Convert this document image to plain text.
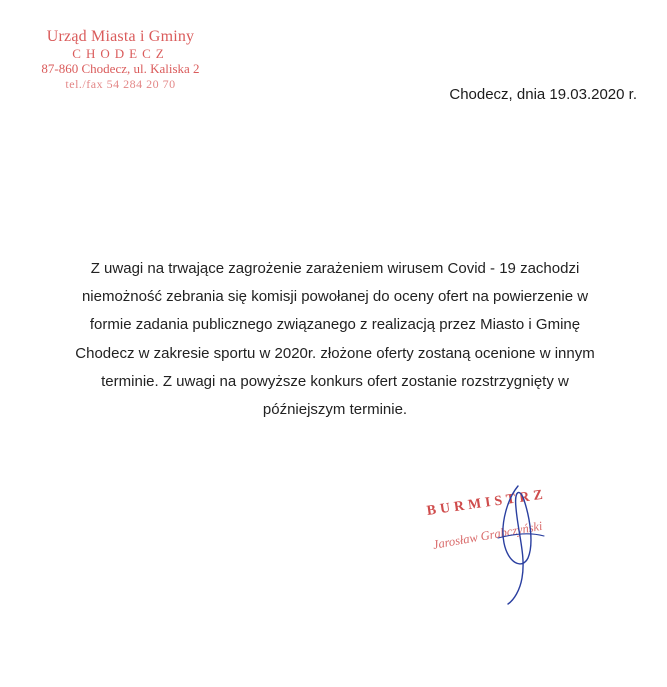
Urząd Miasta i Gminy
CHODECZ
87-860 Chodecz, ul. Kaliska 2
tel./fax 54 284 20 70
Chodecz, dnia 19.03.2020 r.
Z uwagi na trwające zagrożenie zarażeniem wirusem Covid - 19 zachodzi
niemożność zebrania się komisji powołanej do oceny ofert na powierzenie w
formie zadania publicznego związanego z realizacją przez Miasto i Gminę
Chodecz w zakresie sportu w 2020r. złożone oferty zostaną ocenione w innym
terminie. Z uwagi na powyższe konkurs ofert zostanie rozstrzygnięty w
późniejszym terminie.
BURMISTRZ
Jarosław Grabczyński
